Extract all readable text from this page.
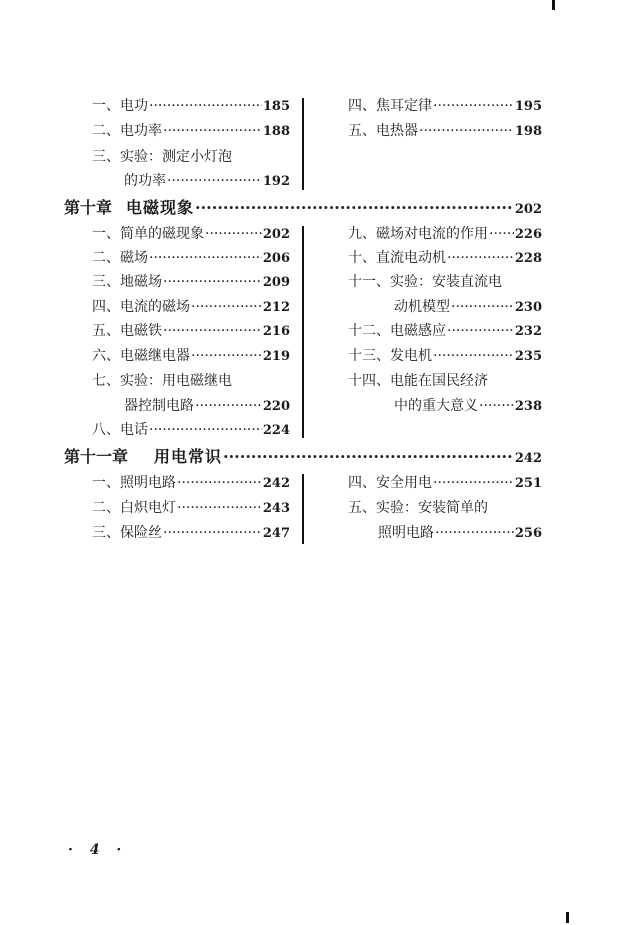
一、 电功 ·····	185
二、 电功率 ·····	188
三、实验：测定小灯泡
的功率 ·····	192
四、 焦耳定律 ·····	195
五、 电热器 ·····	198
第十章 电磁现象 ·····	202
一、 简单的磁现象 ·····	202
二、 磁场 ·····	206
三、 地磁场 ·····	209
四、 电流的磁场 ·····	212
五、 电磁铁 ·····	216
六、 电磁继电器 ·····	219
七、实验：用电磁继电
器控制电路 ·····	220
八、 电话 ·····	224
九、 磁场对电流的作用 ····· 226
十、 直流电动机 ·····	228
十一、实验：安装直流电
动机模型 ·····	230
十二、 电磁感应 ·····	232
十三、 发电机 ·····	235
十四、电能在国民经济
中的重大意义 ·····	238
第十一章 用电常识 ·····	242
一、 照明电路 ·····	242
二、 白炽电灯 ·····	243
三、 保险丝 ·····	247
四、 安全用电 ·····	251
五、实验：安装简单的
照明电路 ·····	256
· 4 ·
